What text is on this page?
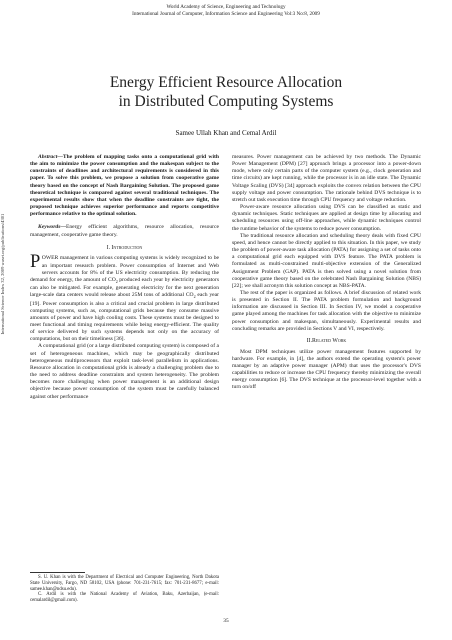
World Academy of Science, Engineering and Technology
International Journal of Computer, Information Science and Engineering Vol:3 No:8, 2009
Energy Efficient Resource Allocation
in Distributed Computing Systems
Samee Ullah Khan and Cemal Ardil
International Science Index 32, 2009 waset.org/publications/4301

Abstract—The problem of mapping tasks onto a computational grid with the aim to minimize the power consumption and the makespan subject to the constraints of deadlines and architectural requirements is considered in this paper. To solve this problem, we propose a solution from cooperative game theory based on the concept of Nash Bargaining Solution. The proposed game theoretical technique is compared against several traditional techniques. The experimental results show that when the deadline constraints are tight, the proposed technique achieves superior performance and reports competitive performance relative to the optimal solution.

Keywords—Energy efficient algorithms, resource allocation, resource management, cooperative game theory.

I. Introduction

POWER management in various computing systems is widely recognized to be an important research problem. Power consumption of Internet and Web servers accounts for 8% of the US electricity consumption. By reducing the demand for energy, the amount of $CO_2$ produced each year by electricity generators can also be mitigated. For example, generating electricity for the next generation large-scale data centers would release about 25M tons of additional $CO_2$ each year [19]. Power consumption is also a critical and crucial problem in large distributed computing systems, such as, computational grids because they consume massive amounts of power and have high cooling costs. These systems must be designed to meet functional and timing requirements while being energy-efficient. The quality of service delivered by such systems depends not only on the accuracy of computations, but on their timeliness [36].

A computational grid (or a large distributed computing system) is composed of a set of heterogeneous machines, which may be geographically distributed heterogeneous multiprocessors that exploit task-level parallelism in applications. Resource allocation in computational grids is already a challenging problem due to the need to address deadline constraints and system heterogeneity. The problem becomes more challenging when power management is an additional design objective because power consumption of the system must be carefully balanced against other performance

S. U. Khan is with the Department of Electrical and Computer Engineering, North Dakota State University, Fargo, ND 58102, USA (phone: 701-231-7615; fax: 701-231-8677; e-mail: samee.khan@ndsu.edu).

C. Ardil is with the National Academy of Aviation, Baku, Azerbaijan, (e-mail: cemalardil@gmail.com).

measures. Power management can be achieved by two methods. The Dynamic Power Management (DPM) [27] approach brings a processor into a power-down mode, where only certain parts of the computer system (e.g., clock generation and time circuits) are kept running, while the processor is in an idle state. The Dynamic Voltage Scaling (DVS) [34] approach exploits the convex relation between the CPU supply voltage and power consumption. The rationale behind DVS technique is to stretch out task execution time through CPU frequency and voltage reduction.

Power-aware resource allocation using DVS can be classified as static and dynamic techniques. Static techniques are applied at design time by allocating and scheduling resources using off-line approaches, while dynamic techniques control the runtime behavior of the systems to reduce power consumption.

The traditional resource allocation and scheduling theory deals with fixed CPU speed, and hence cannot be directly applied to this situation. In this paper, we study the problem of power-aware task allocation (PATA) for assigning a set of tasks onto a computational grid each equipped with DVS feature. The PATA problem is formulated as multi-constrained multi-objective extension of the Generalized Assignment Problem (GAP). PATA is then solved using a novel solution from cooperative game theory based on the celebrated Nash Bargaining Solution (NBS) [22]; we shall acronym this solution concept as NBS-PATA.

The rest of the paper is organized as follows. A brief discussion of related work is presented in Section II. The PATA problem formulation and background information are discussed in Section III. In Section IV, we model a cooperative game played among the machines for task allocation with the objective to minimize power consumption and makespan, simultaneously. Experimental results and concluding remarks are provided in Sections V and VI, respectively.

II.Related Work

Most DPM techniques utilize power management features supported by hardware. For example, in [4], the authors extend the operating system's power manager by an adaptive power manager (APM) that uses the processor's DVS capabilities to reduce or increase the CPU frequency thereby minimizing the overall energy consumption [6]. The DVS technique at the processor-level together with a turn on/off

35
